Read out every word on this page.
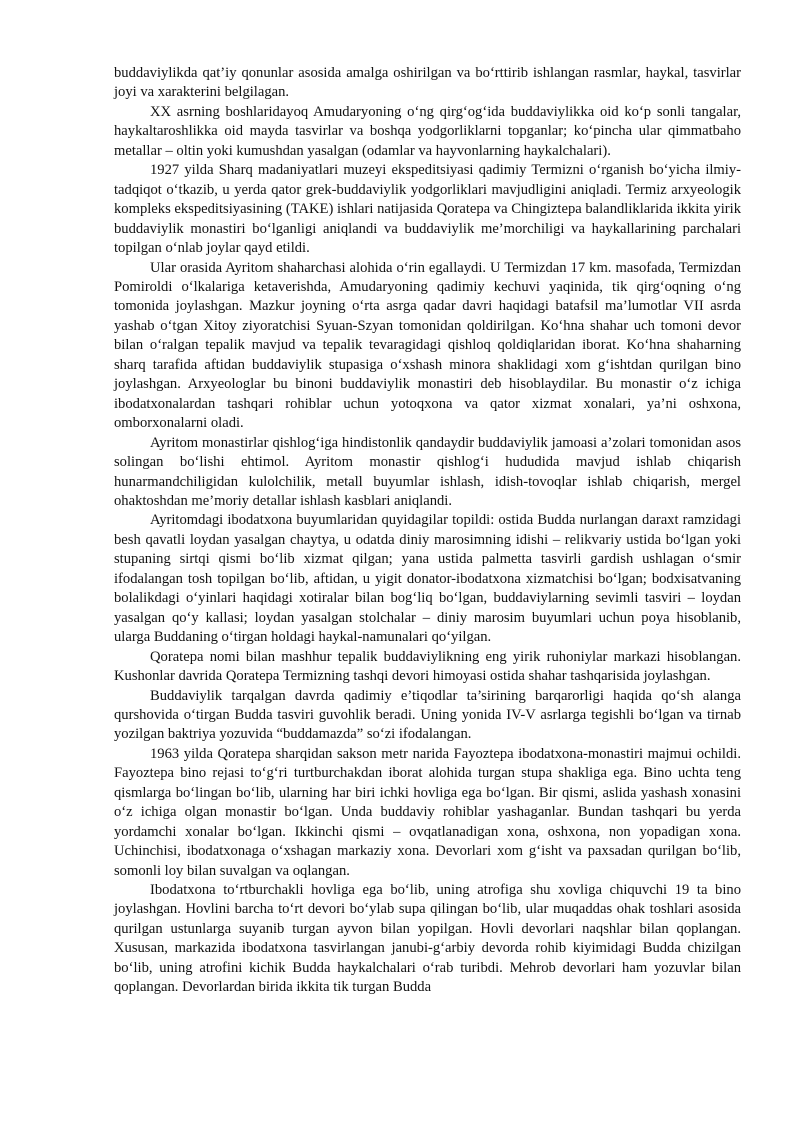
buddaviylikda qat’iy qonunlar asosida amalga oshirilgan va bo‘rttirib ishlangan rasmlar, haykal, tasvirlar joyi va xarakterini belgilagan.

XX asrning boshlaridayoq Amudaryoning o‘ng qirg‘og‘ida buddaviylikka oid ko‘p sonli tangalar, haykaltaroshlikka oid mayda tasvirlar va boshqa yodgorliklarni topganlar; ko‘pincha ular qimmatbaho metallar – oltin yoki kumushdan yasalgan (odamlar va hayvonlarning haykalchalari).

1927 yilda Sharq madaniyatlari muzeyi ekspeditsiyasi qadimiy Termizni o‘rganish bo‘yicha ilmiy-tadqiqot o‘tkazib, u yerda qator grek-buddaviylik yodgorliklari mavjudligini aniqladi. Termiz arxyeologik kompleks ekspeditsiyasining (TAKE) ishlari natijasida Qoratepa va Chingiztepa balandliklarida ikkita yirik buddaviylik monastiri bo‘lganligi aniqlandi va buddaviylik me’morchiligi va haykallarining parchalari topilgan o‘nlab joylar qayd etildi.

Ular orasida Ayritom shaharchasi alohida o‘rin egallaydi. U Termizdan 17 km. masofada, Termizdan Pomiroldi o‘lkalariga ketaverishda, Amudaryoning qadimiy kechuvi yaqinida, tik qirg‘oqning o‘ng tomonida joylashgan. Mazkur joyning o‘rta asrga qadar davri haqidagi batafsil ma’lumotlar VII asrda yashab o‘tgan Xitoy ziyoratchisi Syuan-Szyan tomonidan qoldirilgan. Ko‘hna shahar uch tomoni devor bilan o‘ralgan tepalik mavjud va tepalik tevaragidagi qishloq qoldiqlaridan iborat. Ko‘hna shaharning sharq tarafida aftidan buddaviylik stupasiga o‘xshash minora shaklidagi xom g‘ishtdan qurilgan bino joylashgan. Arxyeologlar bu binoni buddaviylik monastiri deb hisoblaydilar. Bu monastir o‘z ichiga ibodatxonalardan tashqari rohiblar uchun yotoqxona va qator xizmat xonalari, ya’ni oshxona, omborxonalarni oladi.

Ayritom monastirlar qishlog‘iga hindistonlik qandaydir buddaviylik jamoasi a’zolari tomonidan asos solingan bo‘lishi ehtimol. Ayritom monastir qishlog‘i hududida mavjud ishlab chiqarish hunarmandchiligidan kulolchilik, metall buyumlar ishlash, idish-tovoqlar ishlab chiqarish, mergel ohaktoshdan me’moriy detallar ishlash kasblari aniqlandi.

Ayritomdagi ibodatxona buyumlaridan quyidagilar topildi: ostida Budda nurlangan daraxt ramzidagi besh qavatli loydan yasalgan chaytya, u odatda diniy marosimning idishi – relikvariy ustida bo‘lgan yoki stupaning sirtqi qismi bo‘lib xizmat qilgan; yana ustida palmetta tasvirli gardish ushlagan o‘smir ifodalangan tosh topilgan bo‘lib, aftidan, u yigit donator-ibodatxona xizmatchisi bo‘lgan; bodxisatvaning bolalikdagi o‘yinlari haqidagi xotiralar bilan bog‘liq bo‘lgan, buddaviylarning sevimli tasviri – loydan yasalgan qo‘y kallasi; loydan yasalgan stolchalar – diniy marosim buyumlari uchun poya hisoblanib, ularga Buddaning o‘tirgan holdagi haykal-namunalari qo‘yilgan.

Qoratepa nomi bilan mashhur tepalik buddaviylikning eng yirik ruhoniylar markazi hisoblangan. Kushonlar davrida Qoratepa Termizning tashqi devori himoyasi ostida shahar tashqarisida joylashgan.

Buddaviylik tarqalgan davrda qadimiy e’tiqodlar ta’sirining barqarorligi haqida qo‘sh alanga qurshovida o‘tirgan Budda tasviri guvohlik beradi. Uning yonida IV-V asrlarga tegishli bo‘lgan va tirnab yozilgan baktriya yozuvida “buddamazda” so‘zi ifodalangan.

1963 yilda Qoratepa sharqidan sakson metr narida Fayoztepa ibodatxona-monastiri majmui ochildi. Fayoztepa bino rejasi to‘g‘ri turtburchakdan iborat alohida turgan stupa shakliga ega. Bino uchta teng qismlarga bo‘lingan bo‘lib, ularning har biri ichki hovliga ega bo‘lgan. Bir qismi, aslida yashash xonasini o‘z ichiga olgan monastir bo‘lgan. Unda buddaviy rohiblar yashaganlar. Bundan tashqari bu yerda yordamchi xonalar bo‘lgan. Ikkinchi qismi – ovqatlanadigan xona, oshxona, non yopadigan xona. Uchinchisi, ibodatxonaga o‘xshagan markaziy xona. Devorlari xom g‘isht va paxsadan qurilgan bo‘lib, somonli loy bilan suvalgan va oqlangan.

Ibodatxona to‘rtburchakli hovliga ega bo‘lib, uning atrofiga shu xovliga chiquvchi 19 ta bino joylashgan. Hovlini barcha to‘rt devori bo‘ylab supa qilingan bo‘lib, ular muqaddas ohak toshlari asosida qurilgan ustunlarga suyanib turgan ayvon bilan yopilgan. Hovli devorlari naqshlar bilan qoplangan. Xususan, markazida ibodatxona tasvirlangan janubi-g‘arbiy devorda rohib kiyimidagi Budda chizilgan bo‘lib, uning atrofini kichik Budda haykalchalari o‘rab turibdi. Mehrob devorlari ham yozuvlar bilan qoplangan. Devorlardan birida ikkita tik turgan Budda
